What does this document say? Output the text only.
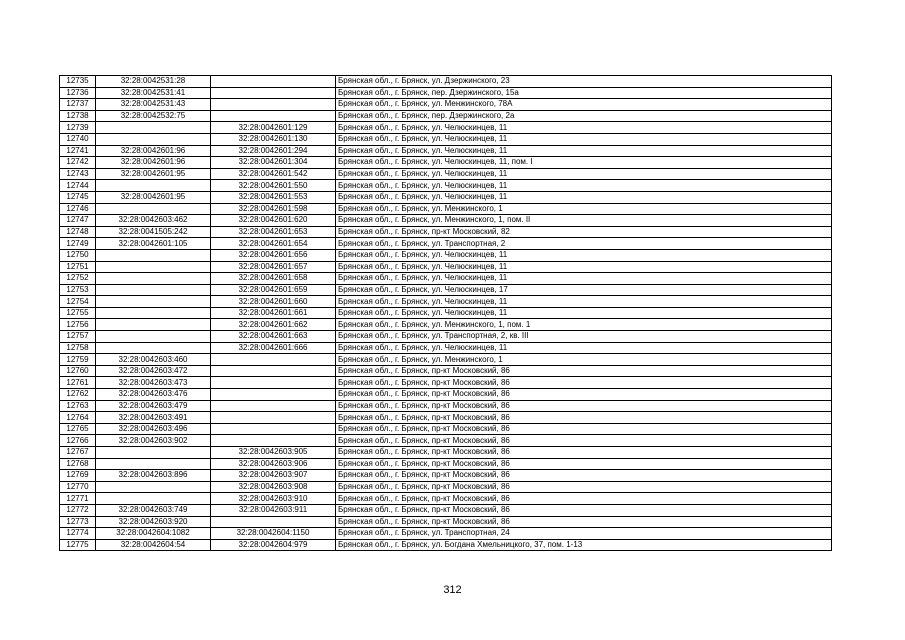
12735	32:28:0042531:28		Брянская обл., г. Брянск, ул. Дзержинского, 23
12736	32:28:0042531:41		Брянская обл., г. Брянск, пер. Дзержинского, 15а
12737	32:28:0042531:43		Брянская обл., г. Брянск, ул. Менжинского, 78А
12738	32:28:0042532:75		Брянская обл., г. Брянск, пер. Дзержинского, 2а
12739		32:28:0042601:129	Брянская обл., г. Брянск, ул. Челюскинцев, 11
12740		32:28:0042601:130	Брянская обл., г. Брянск, ул. Челюскинцев, 11
12741	32:28:0042601:96	32:28:0042601:294	Брянская обл., г. Брянск, ул. Челюскинцев, 11
12742	32:28:0042601:96	32:28:0042601:304	Брянская обл., г. Брянск, ул. Челюскинцев, 11, пом. I
12743	32:28:0042601:95	32:28:0042601:542	Брянская обл., г. Брянск, ул. Челюскинцев, 11
12744		32:28:0042601:550	Брянская обл., г. Брянск, ул. Челюскинцев, 11
12745	32:28:0042601:95	32:28:0042601:553	Брянская обл., г. Брянск, ул. Челюскинцев, 11
12746		32:28:0042601:598	Брянская обл., г. Брянск, ул. Менжинского, 1
12747	32:28:0042603:462	32:28:0042601:620	Брянская обл., г. Брянск, ул. Менжинского, 1, пом. II
12748	32:28:0041505:242	32:28:0042601:653	Брянская обл., г. Брянск, пр-кт Московский, 82
12749	32:28:0042601:105	32:28:0042601:654	Брянская обл., г. Брянск, ул. Транспортная, 2
12750		32:28:0042601:656	Брянская обл., г. Брянск, ул. Челюскинцев, 11
12751		32:28:0042601:657	Брянская обл., г. Брянск, ул. Челюскинцев, 11
12752		32:28:0042601:658	Брянская обл., г. Брянск, ул. Челюскинцев, 11
12753		32:28:0042601:659	Брянская обл., г. Брянск, ул. Челюскинцев, 17
12754		32:28:0042601:660	Брянская обл., г. Брянск, ул. Челюскинцев, 11
12755		32:28:0042601:661	Брянская обл., г. Брянск, ул. Челюскинцев, 11
12756		32:28:0042601:662	Брянская обл., г. Брянск, ул. Менжинского, 1, пом. 1
12757		32:28:0042601:663	Брянская обл., г. Брянск, ул. Транспортная, 2, кв. III
12758		32:28:0042601:666	Брянская обл., г. Брянск, ул. Челюскинцев, 11
12759	32:28:0042603:460		Брянская обл., г. Брянск, ул. Менжинского, 1
12760	32:28:0042603:472		Брянская обл., г. Брянск, пр-кт Московский, 86
12761	32:28:0042603:473		Брянская обл., г. Брянск, пр-кт Московский, 86
12762	32:28:0042603:476		Брянская обл., г. Брянск, пр-кт Московский, 86
12763	32:28:0042603:479		Брянская обл., г. Брянск, пр-кт Московский, 86
12764	32:28:0042603:491		Брянская обл., г. Брянск, пр-кт Московский, 86
12765	32:28:0042603:496		Брянская обл., г. Брянск, пр-кт Московский, 86
12766	32:28:0042603:902		Брянская обл., г. Брянск, пр-кт Московский, 86
12767		32:28:0042603:905	Брянская обл., г. Брянск, пр-кт Московский, 86
12768		32:28:0042603:906	Брянская обл., г. Брянск, пр-кт Московский, 86
12769	32:28:0042603:896	32:28:0042603:907	Брянская обл., г. Брянск, пр-кт Московский, 86
12770		32:28:0042603:908	Брянская обл., г. Брянск, пр-кт Московский, 86
12771		32:28:0042603:910	Брянская обл., г. Брянск, пр-кт Московский, 86
12772	32:28:0042603:749	32:28:0042603:911	Брянская обл., г. Брянск, пр-кт Московский, 86
12773	32:28:0042603:920		Брянская обл., г. Брянск, пр-кт Московский, 86
12774	32:28:0042604:1082	32:28:0042604:1150	Брянская обл., г. Брянск, ул. Транспортная, 24
12775	32:28:0042604:54	32:28:0042604:979	Брянская обл., г. Брянск, ул. Богдана Хмельницкого, 37, пом. 1-13
312
